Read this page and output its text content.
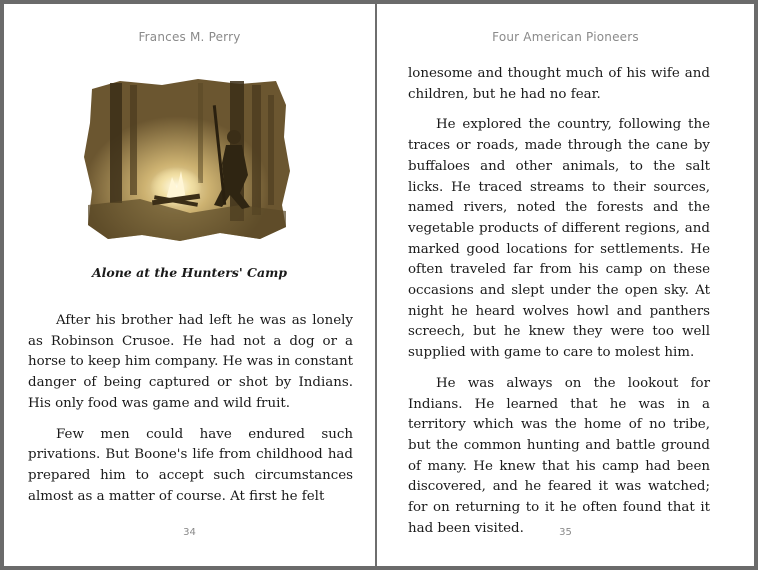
Frances M. Perry
Alone at the Hunters' Camp

After his brother had left he was as lonely as Robinson Crusoe. He had not a dog or a horse to keep him company. He was in constant danger of being captured or shot by Indians. His only food was game and wild fruit.

Few men could have endured such privations. But Boone's life from childhood had prepared him to accept such circumstances almost as a matter of course. At first he felt

34
Four American Pioneers

lonesome and thought much of his wife and children, but he had no fear.

He explored the country, following the traces or roads, made through the cane by buffaloes and other animals, to the salt licks. He traced streams to their sources, named rivers, noted the forests and the vegetable products of different regions, and marked good locations for settlements. He often traveled far from his camp on these occasions and slept under the open sky. At night he heard wolves howl and panthers screech, but he knew they were too well supplied with game to care to molest him.

He was always on the lookout for Indians. He learned that he was in a territory which was the home of no tribe, but the common hunting and battle ground of many. He knew that his camp had been discovered, and he feared it was watched; for on returning to it he often found that it had been visited.	35
